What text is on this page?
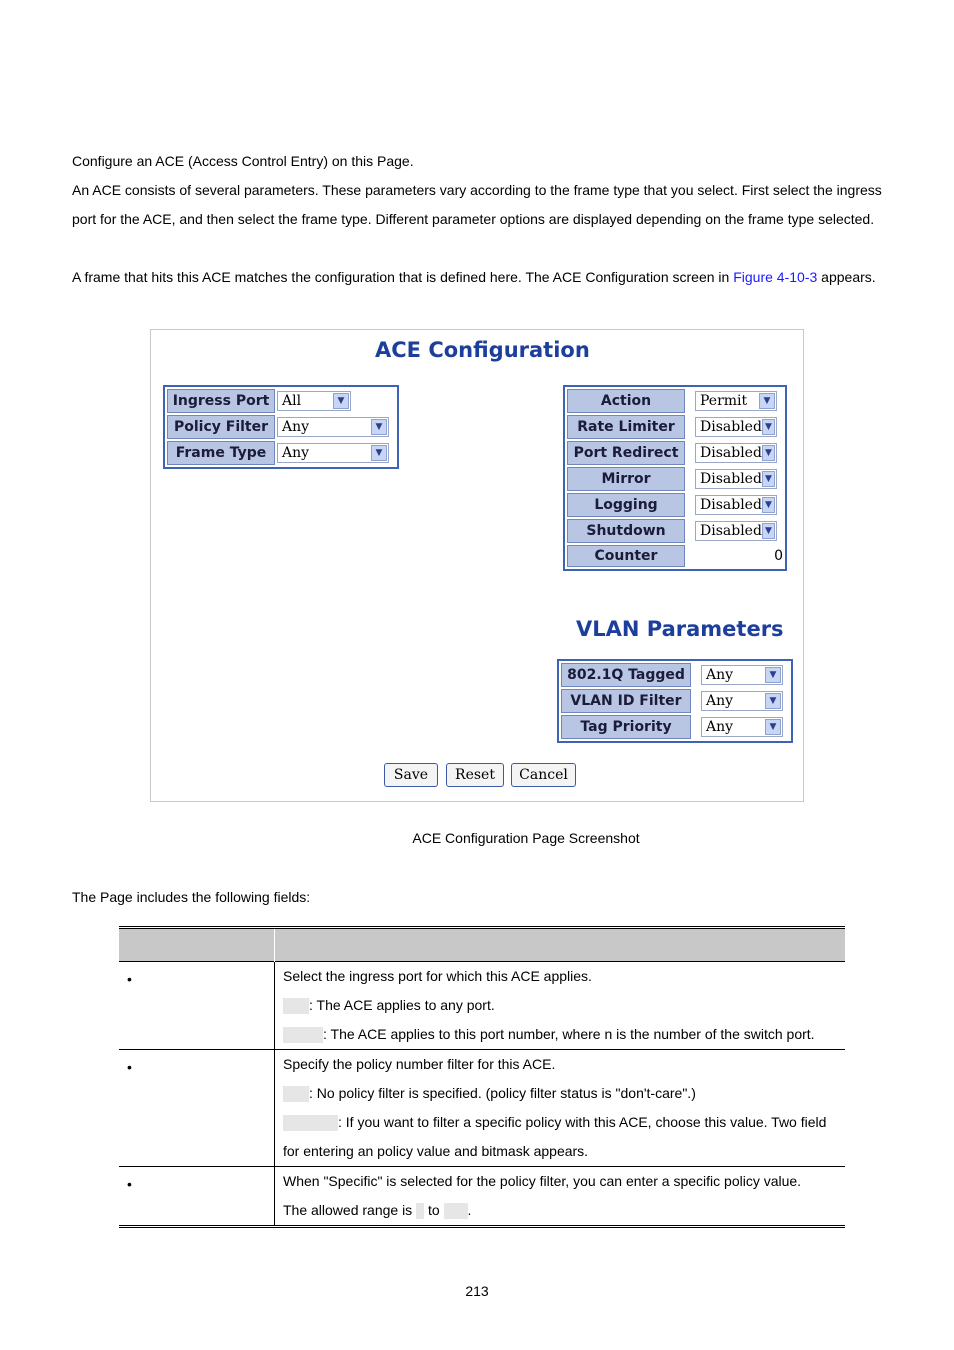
Configure an ACE (Access Control Entry) on this Page.

An ACE consists of several parameters. These parameters vary according to the frame type that you select. First select the ingress port for the ACE, and then select the frame type. Different parameter options are displayed depending on the frame type selected.

A frame that hits this ACE matches the configuration that is defined here. The ACE Configuration screen in Figure 4-10-3 appears.

ACE Configuration
Ingress Port	All ▼

Policy Filter	Any ▼

Frame Type	Any ▼
Action	Permit ▼

Rate Limiter	Disabled ▼

Port Redirect	Disabled ▼

Mirror	Disabled ▼

Logging	Disabled ▼

Shutdown	Disabled ▼

Counter	0
VLAN Parameters
802.1Q Tagged	Any ▼

VLAN ID Filter	Any ▼

Tag Priority	Any ▼
Save	Reset	Cancel

ACE Configuration Page Screenshot

The Page includes the following fields:

•	Select the ingress port for which this ACE applies.

: The ACE applies to any port.

: The ACE applies to this port number, where n is the number of the switch port.

•	Specify the policy number filter for this ACE.

: No policy filter is specified. (policy filter status is "don't-care".)

: If you want to filter a specific policy with this ACE, choose this value. Two field

for entering an policy value and bitmask appears.

•	When "Specific" is selected for the policy filter, you can enter a specific policy value.

The allowed range is  to .

213
